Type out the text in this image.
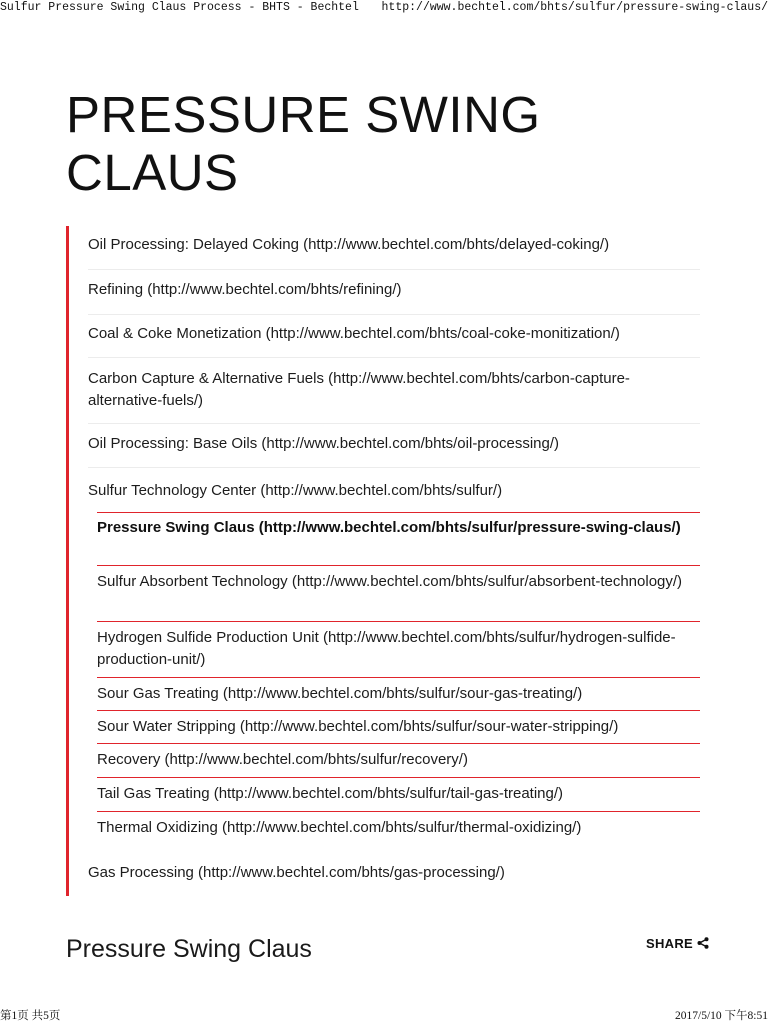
Sulfur Pressure Swing Claus Process - BHTS - Bechtel http://www.bechtel.com/bhts/sulfur/pressure-swing-claus/
PRESSURE SWING
CLAUS
Oil Processing: Delayed Coking (http://www.bechtel.com/bhts/delayed-coking/)
Refining (http://www.bechtel.com/bhts/refining/)
Coal & Coke Monetization (http://www.bechtel.com/bhts/coal-coke-monitization/)
Carbon Capture & Alternative Fuels (http://www.bechtel.com/bhts/carbon-capture-alternative-fuels/)
Oil Processing: Base Oils (http://www.bechtel.com/bhts/oil-processing/)
Sulfur Technology Center (http://www.bechtel.com/bhts/sulfur/)
Pressure Swing Claus (http://www.bechtel.com/bhts/sulfur/pressure-swing-claus/)
Sulfur Absorbent Technology (http://www.bechtel.com/bhts/sulfur/absorbent-technology/)
Hydrogen Sulfide Production Unit (http://www.bechtel.com/bhts/sulfur/hydrogen-sulfide-production-unit/)
Sour Gas Treating (http://www.bechtel.com/bhts/sulfur/sour-gas-treating/)
Sour Water Stripping (http://www.bechtel.com/bhts/sulfur/sour-water-stripping/)
Recovery (http://www.bechtel.com/bhts/sulfur/recovery/)
Tail Gas Treating (http://www.bechtel.com/bhts/sulfur/tail-gas-treating/)
Thermal Oxidizing (http://www.bechtel.com/bhts/sulfur/thermal-oxidizing/)
Gas Processing (http://www.bechtel.com/bhts/gas-processing/)
Pressure Swing Claus	SHARE
第1页 共5页	2017/5/10 下午8:51
